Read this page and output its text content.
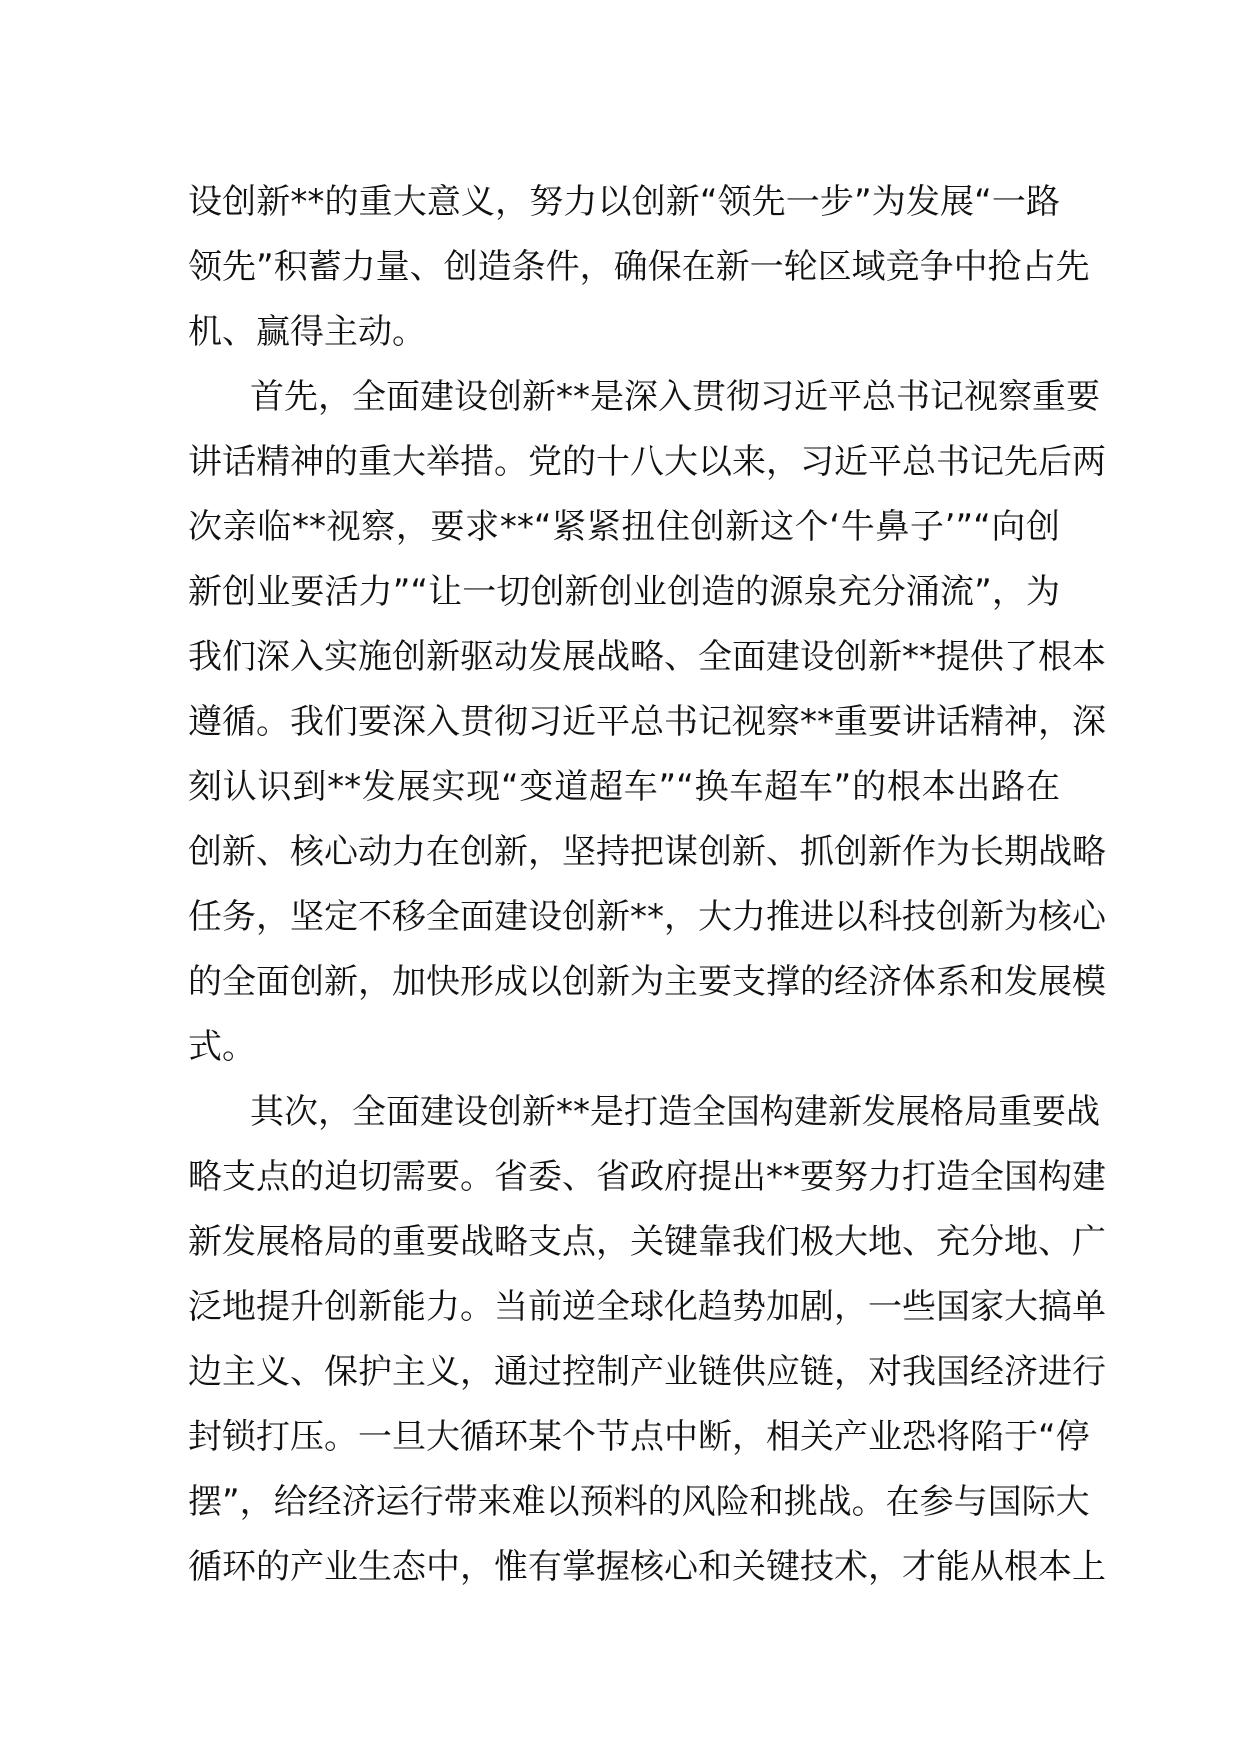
设创新**的重大意义，努力以创新“领先一步”为发展“一路
领先”积蓄力量、创造条件，确保在新一轮区域竞争中抢占先
机、赢得主动。
首先，全面建设创新**是深入贯彻习近平总书记视察重要
讲话精神的重大举措。党的十八大以来，习近平总书记先后两
次亲临**视察，要求**“紧紧扭住创新这个‘牛鼻子’”“向创
新创业要活力”“让一切创新创业创造的源泉充分涌流”，为
我们深入实施创新驱动发展战略、全面建设创新**提供了根本
遵循。我们要深入贯彻习近平总书记视察**重要讲话精神，深
刻认识到**发展实现“变道超车”“换车超车”的根本出路在
创新、核心动力在创新，坚持把谋创新、抓创新作为长期战略
任务，坚定不移全面建设创新**，大力推进以科技创新为核心
的全面创新，加快形成以创新为主要支撑的经济体系和发展模
式。
其次，全面建设创新**是打造全国构建新发展格局重要战
略支点的迫切需要。省委、省政府提出**要努力打造全国构建
新发展格局的重要战略支点，关键靠我们极大地、充分地、广
泛地提升创新能力。当前逆全球化趋势加剧，一些国家大搞单
边主义、保护主义，通过控制产业链供应链，对我国经济进行
封锁打压。一旦大循环某个节点中断，相关产业恐将陷于“停
摆”，给经济运行带来难以预料的风险和挑战。在参与国际大
循环的产业生态中，惟有掌握核心和关键技术，才能从根本上
